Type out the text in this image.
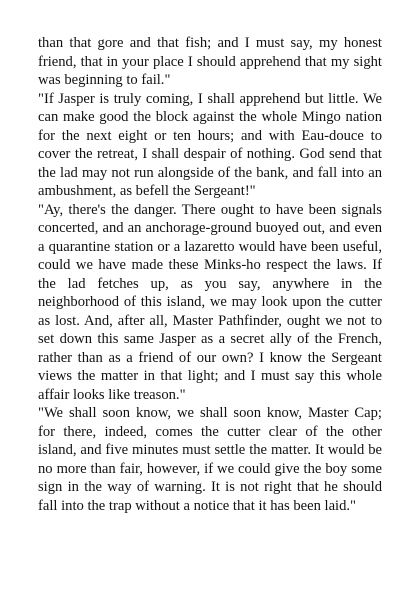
than that gore and that fish; and I must say, my honest friend, that in your place I should apprehend that my sight was beginning to fail."

"If Jasper is truly coming, I shall apprehend but little. We can make good the block against the whole Mingo nation for the next eight or ten hours; and with Eau-douce to cover the retreat, I shall despair of nothing. God send that the lad may not run alongside of the bank, and fall into an ambushment, as befell the Sergeant!"

"Ay, there's the danger. There ought to have been signals concerted, and an anchorage-ground buoyed out, and even a quarantine station or a lazaretto would have been useful, could we have made these Minks-ho respect the laws. If the lad fetches up, as you say, anywhere in the neighborhood of this island, we may look upon the cutter as lost. And, after all, Master Pathfinder, ought we not to set down this same Jasper as a secret ally of the French, rather than as a friend of our own? I know the Sergeant views the matter in that light; and I must say this whole affair looks like treason."

"We shall soon know, we shall soon know, Master Cap; for there, indeed, comes the cutter clear of the other island, and five minutes must settle the matter. It would be no more than fair, however, if we could give the boy some sign in the way of warning. It is not right that he should fall into the trap without a notice that it has been laid."
